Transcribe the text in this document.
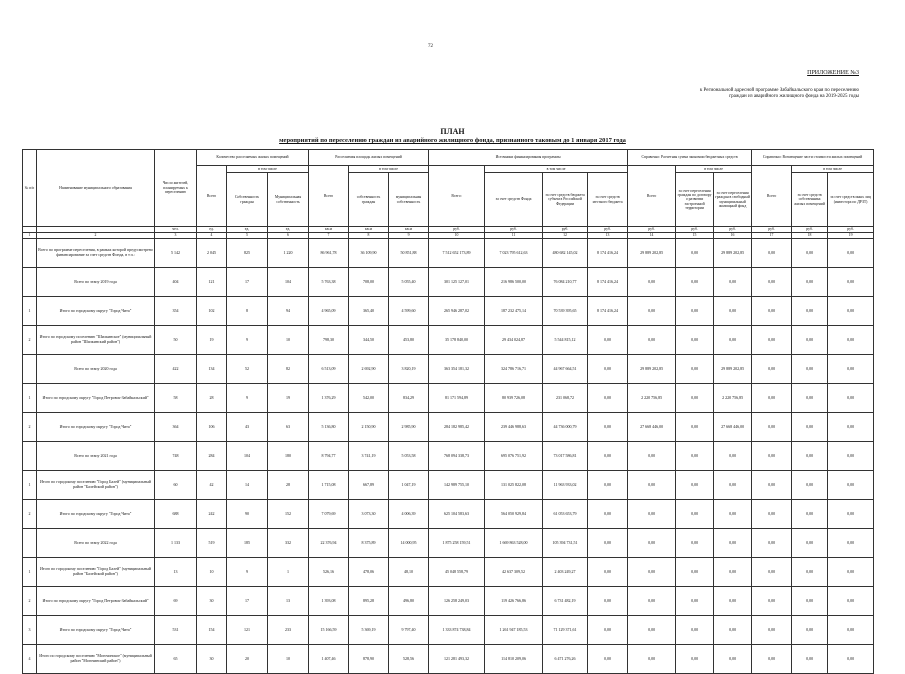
72
ПРИЛОЖЕНИЕ №3
к Региональной адресной программе Забайкальского края по переселению граждан из аварийного жилищного фонда на 2019-2025 годы
ПЛАН
мероприятий по переселению граждан из аварийного жилищного фонда, признанного таковым до 1 января 2017 года
№ п/п	Наименование муниципального образования	Число жителей, планируемых к переселению	Количество расселяемых жилых помещений			Расселяемая площадь жилых помещений			Источники финансирования программы				Справочно: Расчетная сумма экономии бюджетных средств			Справочно: Возмещение части стоимости жилых помещений		
			Всего	в том числе		Всего	в том числе		Всего:	в том числе			Всего	в том числе		Всего	в том числе	
				Собственность граждан	Муниципальная собственность		собственность граждан	муниципальная собственность		за счет средств Фонда	за счет средств бюджета субъекта Российской Федерации	за счет средств местного бюджета		за счет переселения граждан по договору о развитии застроенной территории	за счет переселения граждан в свободный муниципальный жилищный фонд		за счет средств собственника жилых помещений	за счет средств иных лиц (инвестора по ДРЗТ)
		чел.	ед.	ед.	ед.	кв.м	кв.м	кв.м	руб.	руб.	руб.	руб.	руб.	руб.	руб.	руб.	руб.	руб.
1	2	3	4	5	6	7	8	9	10	11	12	13	14	15	16	17	18	19
	Всего по программе переселения, в рамках которой предусмотрено финансирование за счет средств Фонда, в т.ч.:	5 142	2 045	825	1 220	86 961,78	36 109,90	50 851,88	7 512 652 173,89	7 023 795 612,63	480 682 145,02	8 174 416,24	29 889 202,85	0,00	29 889 202,85	0,00	0,00	0,00
	Всего по этапу 2019 года	404	121	17	104	5 763,38	708,00	5 055,40	301 125 127,01	216 986 500,00	76 084 210,77	8 174 416,24	0,00	0,00	0,00	0,00	0,00	0,00
1	Итого по городскому округу "Город Чита"	354	102	8	94	4 965,09	365,40	4 599,60	265 946 287,02	187 232 475,14	70 539 395,65	8 174 416,24	0,00	0,00	0,00	0,00	0,00	0,00
2	Итого по городскому поселению "Шилкинское" (муниципальный район "Шилкинский район")	50	19	9	10	798,30	344,50	453,80	35 178 840,00	29 434 024,87	5 544 815,12	0,00	0,00	0,00	0,00	0,00	0,00	0,00
	Всего по этапу 2020 года	422	134	52	82	6 513,09	2 692,90	3 820,19	363 354 181,32	324 786 716,71	44 967 664,51	0,00	29 889 202,85	0,00	29 889 202,85	0,00	0,00	0,00
1	Итого по городскому округу "Город Петровск-Забайкальский"	58	28	9	19	1 376,29	542,00	834,29	81 171 594,89	80 939 726,08	231 068,72	0,00	2 220 756,85	0,00	2 220 756,85	0,00	0,00	0,00
2	Итого по городскому округу "Город Чита"	364	106	43	63	5 136,80	2 150,90	2 985,90	284 182 985,42	239 446 988,63	44 736 000,79	0,00	27 668 446,00	0,00	27 668 446,00	0,00	0,00	0,00
	Всего по этапу 2021 года	748	284	104	180	8 794,77	3 741,19	5 053,58	768 094 338,73	695 076 751,92	73 017 586,81	0,00	0,00	0,00	0,00	0,00	0,00	0,00
1	Итого по городскому поселению "Город Балей" (муниципальный район "Балейский район")	60	42	14	28	1 715,08	667,89	1 047,19	142 989 755,10	131 025 822,08	11 963 933,02	0,00	0,00	0,00	0,00	0,00	0,00	0,00
2	Итого по городскому округу "Город Чита"	688	242	90	152	7 079,69	3 073,30	4 006,39	625 104 583,63	564 050 929,84	61 053 653,79	0,00	0,00	0,00	0,00	0,00	0,00	0,00
	Всего по этапу 2022 года	1 133	519	185	332	22 376,94	8 375,89	14 000,95	1 875 258 159,51	1 669 863 528,00	105 394 731,51	0,00	0,00	0,00	0,00	0,00	0,00	0,00
1	Итого по городскому поселению "Город Балей" (муниципальный район "Балейский район")	13	10	9	1	526,16	478,06	48,10	45 048 558,79	42 637 309,52	2 403 249,27	0,00	0,00	0,00	0,00	0,00	0,00	0,00
2	Итого по городскому округу "Город Петровск-Забайкальский"	69	30	17	13	1 393,08	895,28	496,80	126 258 249,03	119 426 766,86	6 731 482,19	0,00	0,00	0,00	0,00	0,00	0,00	0,00
3	Итого по городскому округу "Город Чита"	531	154	121	233	15 166,59	5 369,19	9 797,40	1 333 874 738,84	1 261 947 185,53	71 129 371,61	0,00	0,00	0,00	0,00	0,00	0,00	0,00
4	Итого по городскому поселению "Могочинское" (муниципальный район "Могочинский район")	65	30	20	10	1 407,46	878,90	528,56	121 281 493,32	114 810 209,06	6 471 276,26	0,00	0,00	0,00	0,00	0,00	0,00	0,00
